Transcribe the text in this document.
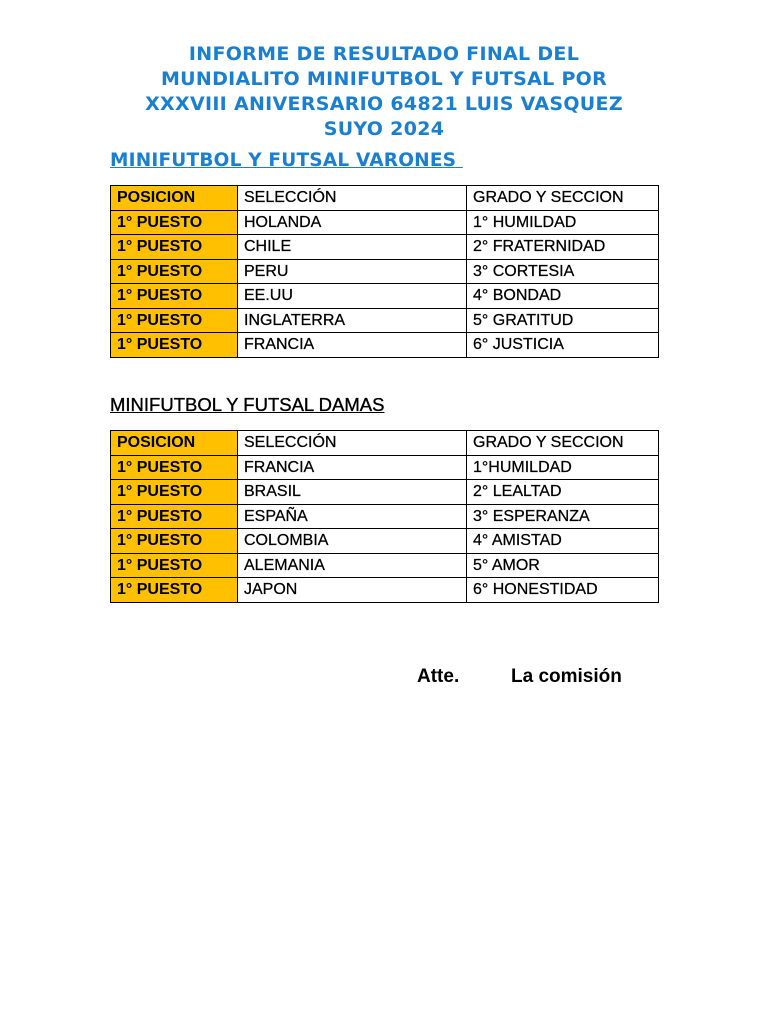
INFORME DE RESULTADO FINAL DEL
MUNDIALITO MINIFUTBOL Y FUTSAL POR
XXXVIII ANIVERSARIO 64821 LUIS VASQUEZ
SUYO 2024
MINIFUTBOL Y FUTSAL VARONES
POSICION	SELECCIÓN	GRADO Y SECCION
1° PUESTO	HOLANDA	1° HUMILDAD
1° PUESTO	CHILE	2° FRATERNIDAD
1° PUESTO	PERU	3° CORTESIA
1° PUESTO	EE.UU	4° BONDAD
1° PUESTO	INGLATERRA	5° GRATITUD
1° PUESTO	FRANCIA	6° JUSTICIA
MINIFUTBOL Y FUTSAL DAMAS
POSICION	SELECCIÓN	GRADO Y SECCION
1° PUESTO	FRANCIA	1°HUMILDAD
1° PUESTO	BRASIL	2° LEALTAD
1° PUESTO	ESPAÑA	3° ESPERANZA
1° PUESTO	COLOMBIA	4° AMISTAD
1° PUESTO	ALEMANIA	5° AMOR
1° PUESTO	JAPON	6° HONESTIDAD
Atte.	La comisión
